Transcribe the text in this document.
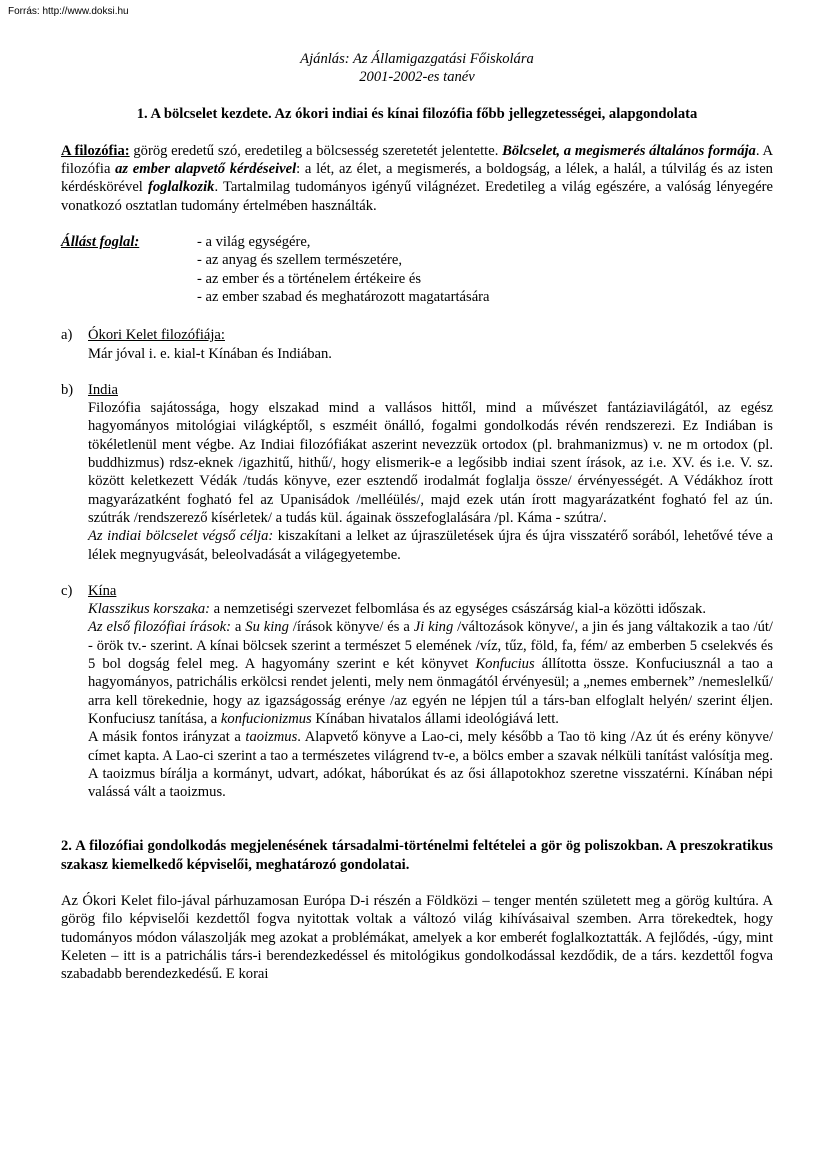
Forrás: http://www.doksi.hu
Ajánlás: Az Államigazgatási Főiskolára
2001-2002-es tanév
1. A bölcselet kezdete. Az ókori indiai és kínai filozófia főbb jellegzetességei, alapgondolata

A filozófia: görög eredetű szó, eredetileg a bölcsesség szeretetét jelentette. Bölcselet, a megismerés általános formája. A filozófia az ember alapvető kérdéseivel: a lét, az élet, a megismerés, a boldogság, a lélek, a halál, a túlvilág és az isten kérdéskörével foglalkozik. Tartalmilag tudományos igényű világnézet. Eredetileg a világ egészére, a valóság lényegére vonatkozó osztatlan tudomány értelmében használták.

Állást foglal:	- a világ egységére,
- az anyag és szellem természetére,
- az ember és a történelem értékeire és
- az ember szabad és meghatározott magatartására
a)	Ókori Kelet filozófiája:

Már jóval i. e. kial-t Kínában és Indiában.

b)	India

Filozófia sajátossága, hogy elszakad mind a vallásos hittől, mind a művészet fantáziavilágától, az egész hagyományos mitológiai világképtől, s eszméit önálló, fogalmi gondolkodás révén rendszerezi. Ez Indiában is tökéletlenül ment végbe. Az Indiai filozófiákat aszerint nevezzük ortodox (pl. brahmanizmus) v. ne m ortodox (pl. buddhizmus) rdsz-eknek /igazhitű, hithű/, hogy elismerik-e a legősibb indiai szent írások, az i.e. XV. és i.e. V. sz. között keletkezett Védák /tudás könyve, ezer esztendő irodalmát foglalja össze/ érvényességét. A Védákhoz írott magyarázatként fogható fel az Upanisádok /melléülés/, majd ezek után írott magyarázatként fogható fel az ún. szútrák /rendszerező kísérletek/ a tudás kül. ágainak összefoglalására /pl. Káma - szútra/.

Az indiai bölcselet végső célja: kiszakítani a lelket az újraszületések újra és újra visszatérő sorából, lehetővé téve a lélek megnyugvását, beleolvadását a világegyetembe.

c)	Kína

Klasszikus korszaka: a nemzetiségi szervezet felbomlása és az egységes császárság kial-a közötti időszak.

Az első filozófiai írások: a Su king /írások könyve/ és a Ji king /változások könyve/, a jin és jang váltakozik a tao /út/ - örök tv.- szerint. A kínai bölcsek szerint a természet 5 elemének /víz, tűz, föld, fa, fém/ az emberben 5 cselekvés és 5 bol dogság felel meg. A hagyomány szerint e két könyvet Konfucius állította össze. Konfuciusznál a tao a hagyományos, patrichális erkölcsi rendet jelenti, mely nem önmagától érvényesül; a „nemes embernek” /nemeslelkű/ arra kell törekednie, hogy az igazságosság erénye /az egyén ne lépjen túl a társ-ban elfoglalt helyén/ szerint éljen. Konfuciusz tanítása, a konfucionizmus Kínában hivatalos állami ideológiává lett.

A másik fontos irányzat a taoizmus. Alapvető könyve a Lao-ci, mely később a Tao tö king /Az út és erény könyve/ címet kapta. A Lao-ci szerint a tao a természetes világrend tv-e, a bölcs ember a szavak nélküli tanítást valósítja meg. A taoizmus bírálja a kormányt, udvart, adókat, háborúkat és az ősi állapotokhoz szeretne visszatérni. Kínában népi valássá vált a taoizmus.

2. A filozófiai gondolkodás megjelenésének társadalmi-történelmi feltételei a gör ög poliszokban. A preszokratikus szakasz kiemelkedő képviselői, meghatározó gondolatai.

Az Ókori Kelet filo-jával párhuzamosan Európa D-i részén a Földközi – tenger mentén született meg a görög kultúra. A görög filo képviselői kezdettől fogva nyitottak voltak a változó világ kihívásaival szemben. Arra törekedtek, hogy tudományos módon válaszolják meg azokat a problémákat, amelyek a kor emberét foglalkoztatták. A fejlődés, -úgy, mint Keleten – itt is a patrichális társ-i berendezkedéssel és mitológikus gondolkodással kezdődik, de a társ. kezdettől fogva szabadabb berendezkedésű. E korai
